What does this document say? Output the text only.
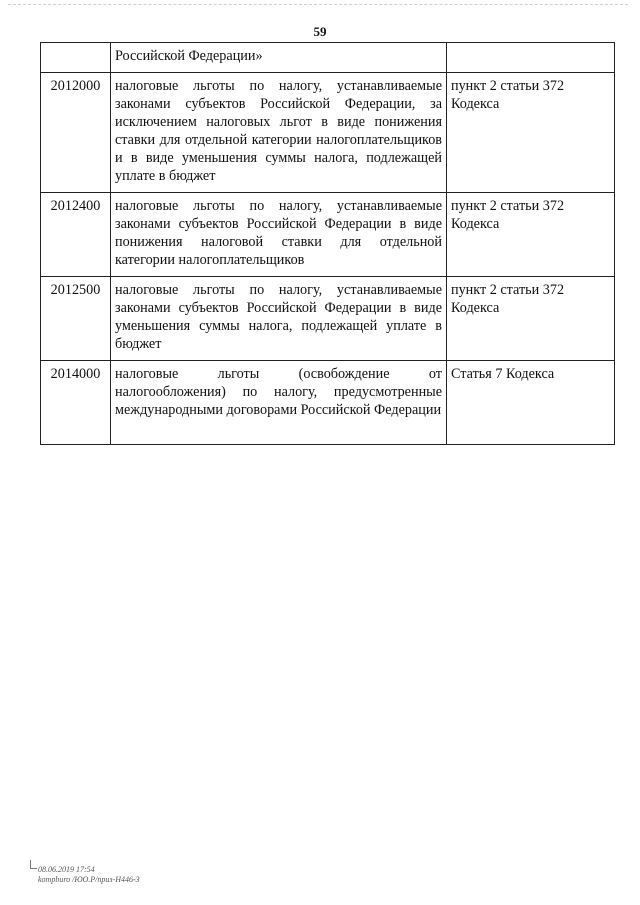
59
	Российской Федерации»	
2012000	налоговые льготы по налогу, устанавливаемые законами субъектов Российской Федерации, за исключением налоговых льгот в виде понижения ставки для отдельной категории налогоплательщиков и в виде уменьшения суммы налога, подлежащей уплате в бюджет	пункт 2 статьи 372 Кодекса
2012400	налоговые льготы по налогу, устанавливаемые законами субъектов Российской Федерации в виде понижения налоговой ставки для отдельной категории налогоплательщиков	пункт 2 статьи 372 Кодекса
2012500	налоговые льготы по налогу, устанавливаемые законами субъектов Российской Федерации в виде уменьшения суммы налога, подлежащей уплате в бюджет	пункт 2 статьи 372 Кодекса
2014000	налоговые льготы (освобождение от налогообложения) по налогу, предусмотренные международными договорами Российской Федерации	Статья 7 Кодекса
08.06.2019 17:54
kompburo /ЮО.Р/приз-Н446-3
